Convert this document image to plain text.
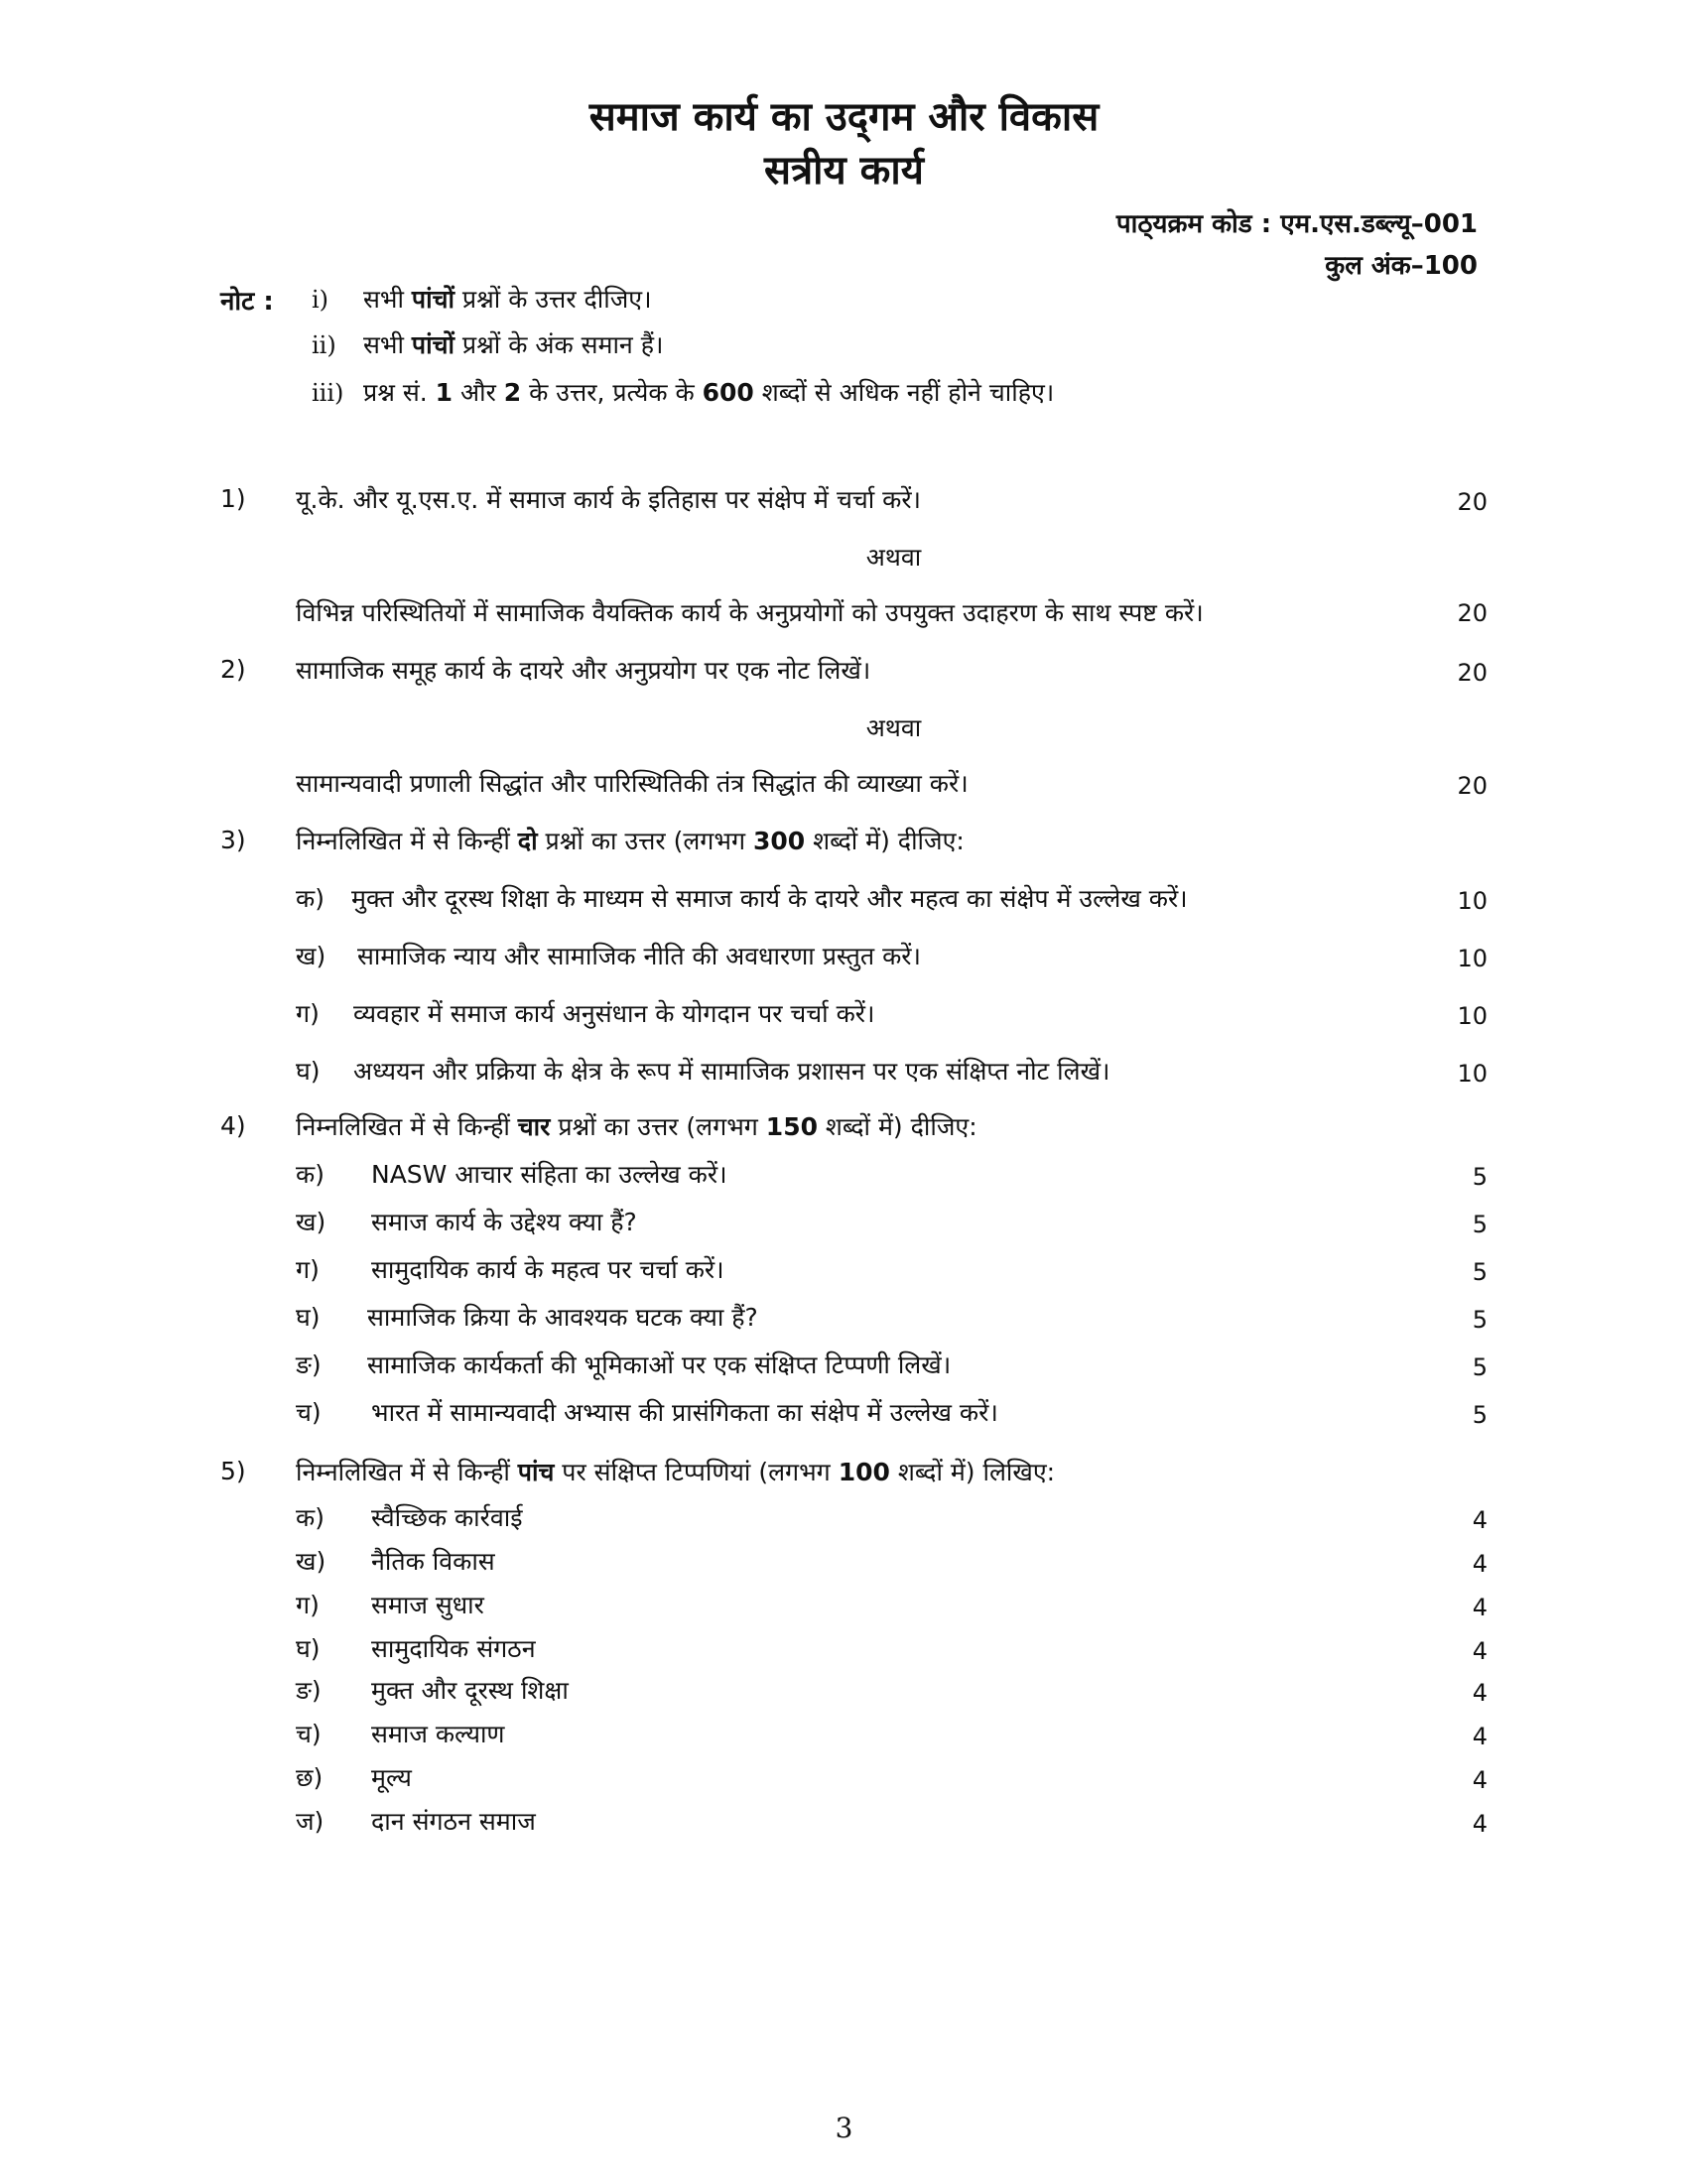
समाज कार्य का उद्‌गम और विकास
सत्रीय कार्य
पाठ्‌यक्रम कोड : एम.एस.डब्ल्यू–001
कुल अंक–100
नोट : i) सभी पांचों प्रश्नों के उत्तर दीजिए।
ii) सभी पांचों प्रश्नों के अंक समान हैं।
iii) प्रश्न सं. 1 और 2 के उत्तर, प्रत्येक के 600 शब्दों से अधिक नहीं होने चाहिए।
1) यू.के. और यू.एस.ए. में समाज कार्य के इतिहास पर संक्षेप में चर्चा करें।	20
अथवा
विभिन्न परिस्थितियों में सामाजिक वैयक्तिक कार्य के अनुप्रयोगों को उपयुक्त उदाहरण के साथ स्पष्ट करें।	20
2) सामाजिक समूह कार्य के दायरे और अनुप्रयोग पर एक नोट लिखें।	20
अथवा
सामान्यवादी प्रणाली सिद्धांत और पारिस्थितिकी तंत्र सिद्धांत की व्याख्या करें।	20
3) निम्नलिखित में से किन्हीं दो प्रश्नों का उत्तर (लगभग 300 शब्दों में) दीजिए:
क) मुक्त और दूरस्थ शिक्षा के माध्यम से समाज कार्य के दायरे और महत्व का संक्षेप में उल्लेख करें।	10
ख) सामाजिक न्याय और सामाजिक नीति की अवधारणा प्रस्तुत करें।	10
ग) व्यवहार में समाज कार्य अनुसंधान के योगदान पर चर्चा करें।	10
घ) अध्ययन और प्रक्रिया के क्षेत्र के रूप में सामाजिक प्रशासन पर एक संक्षिप्त नोट लिखें।	10
4) निम्नलिखित में से किन्हीं चार प्रश्नों का उत्तर (लगभग 150 शब्दों में) दीजिए:
क) NASW आचार संहिता का उल्लेख करें।	5
ख) समाज कार्य के उद्देश्य क्या हैं?	5
ग) सामुदायिक कार्य के महत्व पर चर्चा करें।	5
घ) सामाजिक क्रिया के आवश्यक घटक क्या हैं?	5
ङ) सामाजिक कार्यकर्ता की भूमिकाओं पर एक संक्षिप्त टिप्पणी लिखें।	5
च) भारत में सामान्यवादी अभ्यास की प्रासंगिकता का संक्षेप में उल्लेख करें।	5
5) निम्नलिखित में से किन्हीं पांच पर संक्षिप्त टिप्पणियां (लगभग 100 शब्दों में) लिखिए:
क) स्वैच्छिक कार्रवाई	4
ख) नैतिक विकास	4
ग) समाज सुधार	4
घ) सामुदायिक संगठन	4
ङ) मुक्त और दूरस्थ शिक्षा	4
च) समाज कल्याण	4
छ) मूल्य	4
ज) दान संगठन समाज	4
3
